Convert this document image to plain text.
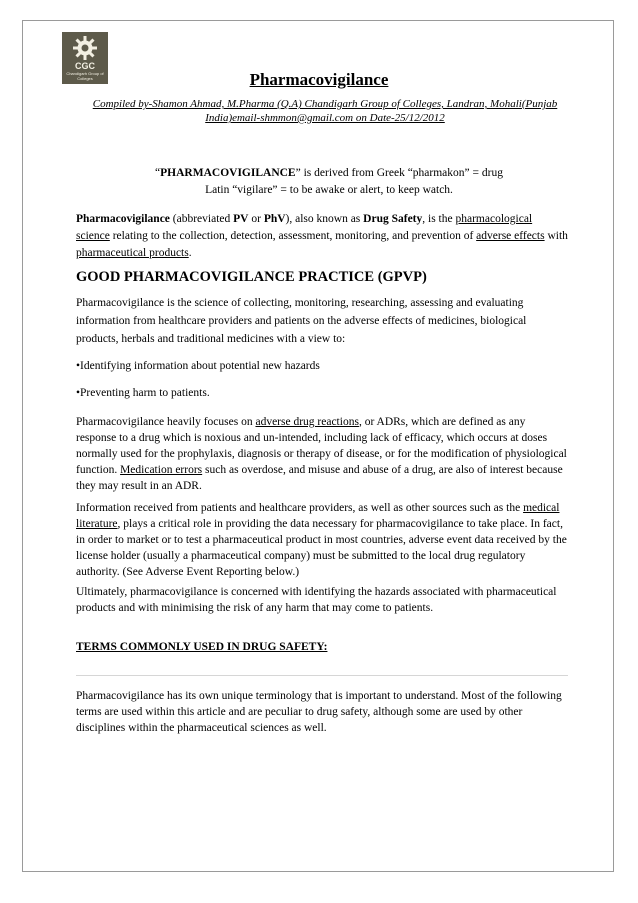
CGC
Chandigarh Group of Colleges	Pharmacovigilance
Compiled by-Shamon Ahmad, M.Pharma (Q.A) Chandigarh Group of Colleges, Landran, Mohali(Punjab
India)email-shmmon@gmail.com on Date-25/12/2012
“PHARMACOVIGILANCE” is derived from Greek “pharmakon” = drug
Latin “vigilare” = to be awake or alert, to keep watch.

Pharmacovigilance (abbreviated PV or PhV), also known as Drug Safety, is the pharmacological science relating to the collection, detection, assessment, monitoring, and prevention of adverse effects with pharmaceutical products.

GOOD PHARMACOVIGILANCE PRACTICE (GPVP)

Pharmacovigilance is the science of collecting, monitoring, researching, assessing and evaluating information from healthcare providers and patients on the adverse effects of medicines, biological products, herbals and traditional medicines with a view to:

•Identifying information about potential new hazards

•Preventing harm to patients.

Pharmacovigilance heavily focuses on adverse drug reactions, or ADRs, which are defined as any response to a drug which is noxious and un-intended, including lack of efficacy, which occurs at doses normally used for the prophylaxis, diagnosis or therapy of disease, or for the modification of physiological function. Medication errors such as overdose, and misuse and abuse of a drug, are also of interest because they may result in an ADR.

Information received from patients and healthcare providers, as well as other sources such as the medical literature, plays a critical role in providing the data necessary for pharmacovigilance to take place. In fact, in order to market or to test a pharmaceutical product in most countries, adverse event data received by the license holder (usually a pharmaceutical company) must be submitted to the local drug regulatory authority. (See Adverse Event Reporting below.)

Ultimately, pharmacovigilance is concerned with identifying the hazards associated with pharmaceutical products and with minimising the risk of any harm that may come to patients.

TERMS COMMONLY USED IN DRUG SAFETY:

Pharmacovigilance has its own unique terminology that is important to understand. Most of the following terms are used within this article and are peculiar to drug safety, although some are used by other disciplines within the pharmaceutical sciences as well.
